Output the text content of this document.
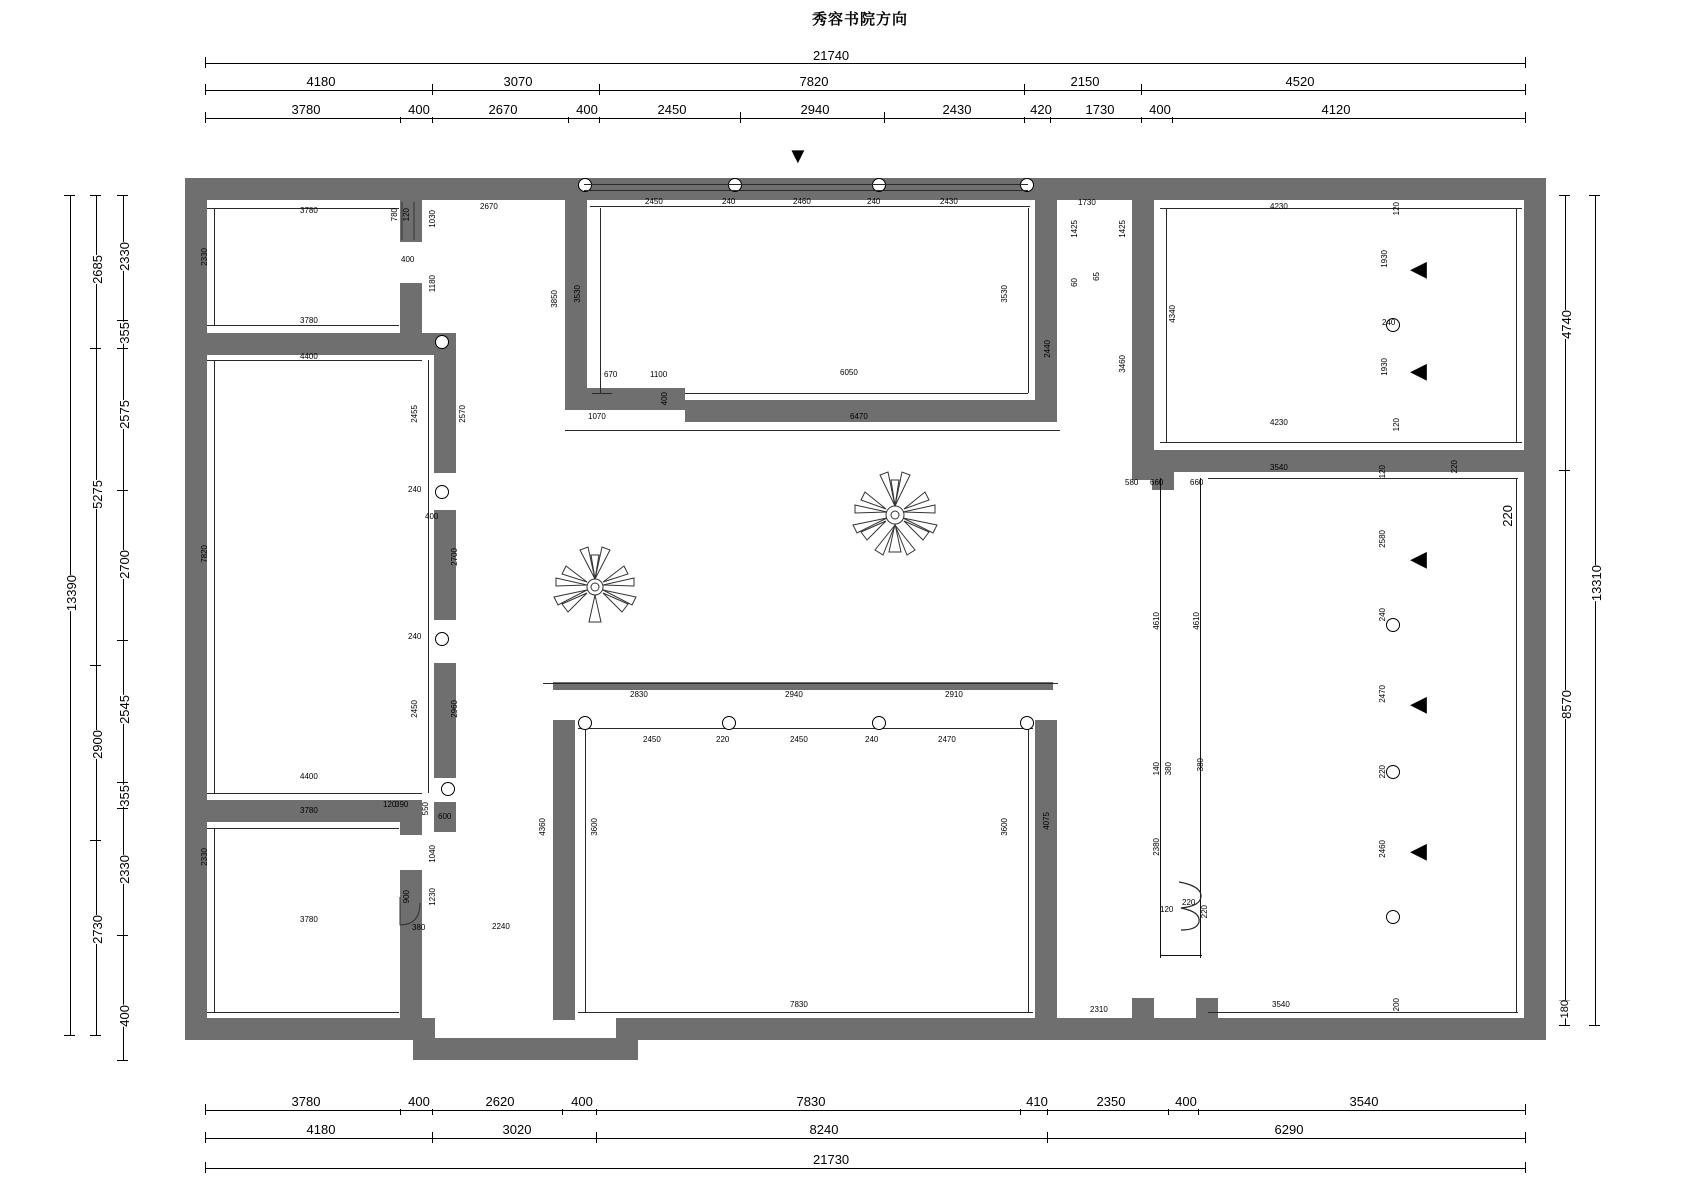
秀容书院方向
21740
4180	3070	7820	2150	4520
3780	400	2670	400	2450	2940	2430	420	1730	400	4120
13390
2685
5275
2900
2730
2330
355
2575
2700
2545
355
2330
400
13310
4740
8570
180
220
3780	400	2620	400	7830	410	2350	400	3540
4180	3020	8240	6290
21730
▼
◀
◀
◀
◀
◀
3780
2330
3780
780 120 1030
400
1180
2670
2450	240	2460	240	2430
3850 3530	3530
2440
6050
670	1100
400
1070	6470
4400
7820
2455	2570
240
400
2700
240
2450	2960
4400
3780
2330
3780
900 1230
380	2240
600
1040
120
390 550
2830	2940	2910
2450	220	2450	240	2470
4360	3600	3600	4075
7830
2310
4230
1930
1930
4340	240
120
4230	120
1730
1425	1425
3460
65
60
3540	220
120
580 660	660
4610	4610
140 380	380
2380
3540
220
120	220
200
2580
240
2470
220
2460
